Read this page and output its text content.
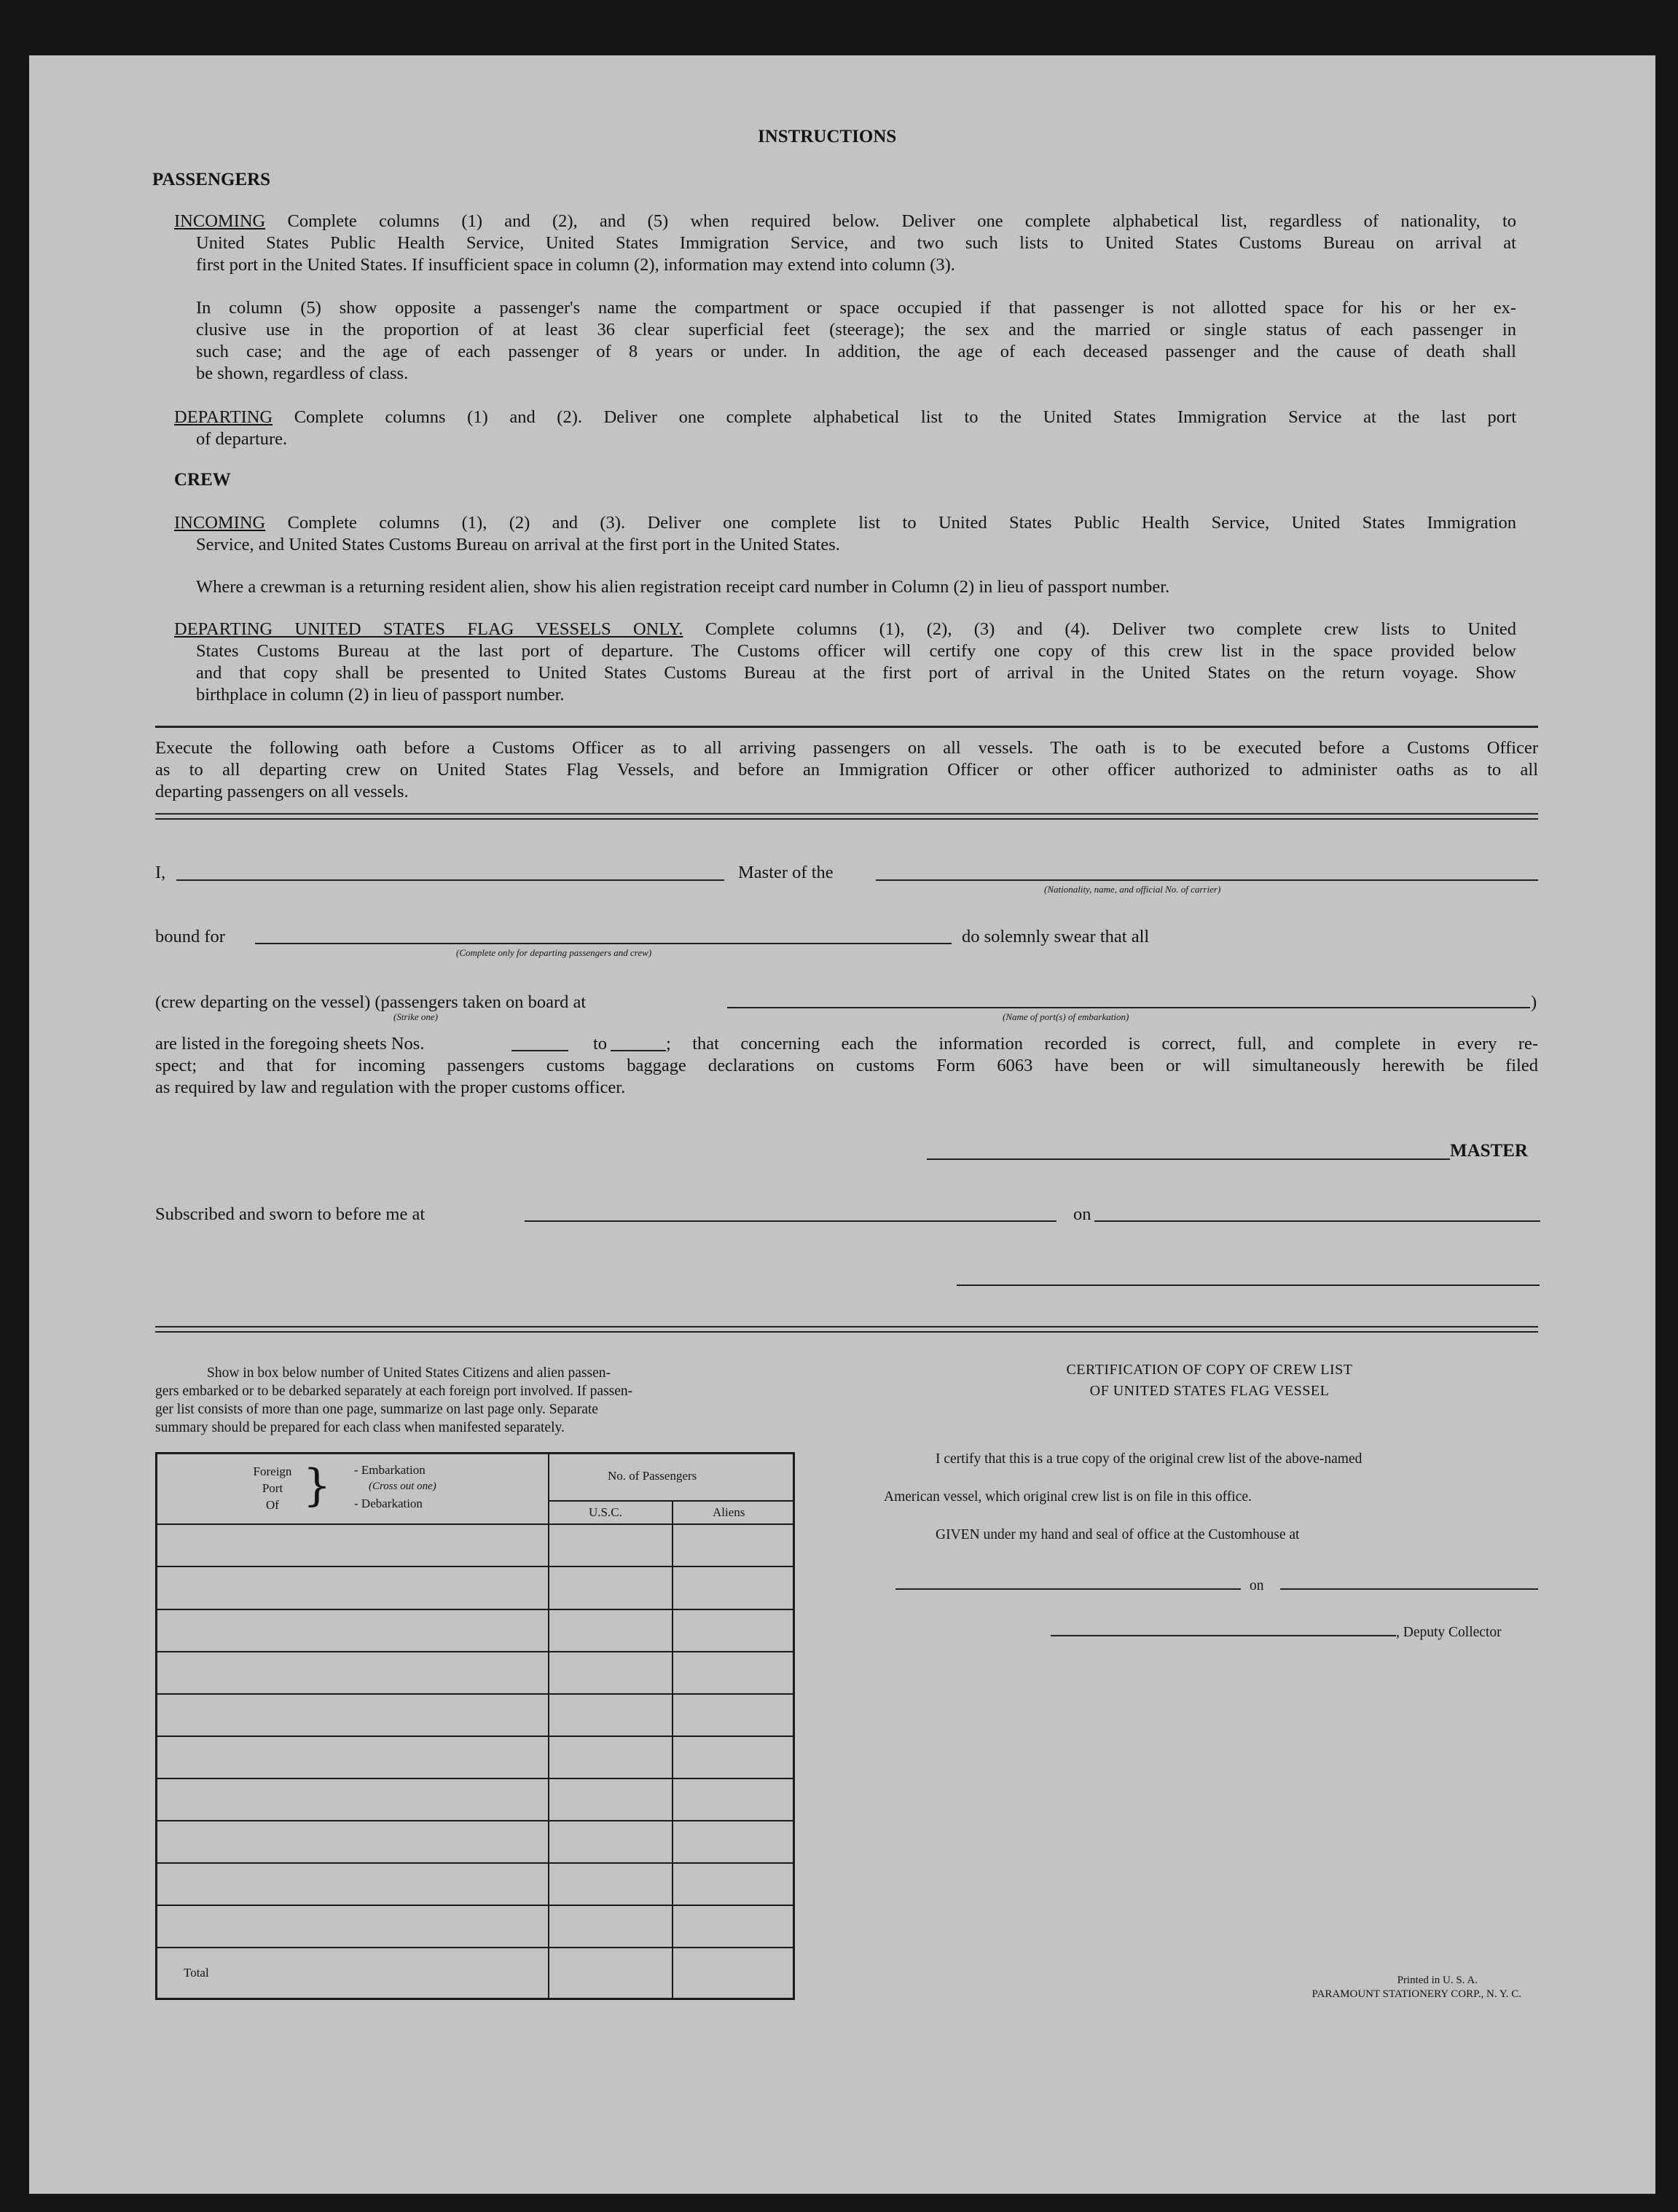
INSTRUCTIONS
PASSENGERS
INCOMING Complete columns (1) and (2), and (5) when required below. Deliver one complete alphabetical list, regardless of nationality, to
United States Public Health Service, United States Immigration Service, and two such lists to United States Customs Bureau on arrival at
first port in the United States. If insufficient space in column (2), information may extend into column (3).
In column (5) show opposite a passenger's name the compartment or space occupied if that passenger is not allotted space for his or her ex-
clusive use in the proportion of at least 36 clear superficial feet (steerage); the sex and the married or single status of each passenger in
such case; and the age of each passenger of 8 years or under. In addition, the age of each deceased passenger and the cause of death shall
be shown, regardless of class.
DEPARTING Complete columns (1) and (2). Deliver one complete alphabetical list to the United States Immigration Service at the last port
of departure.
CREW
INCOMING Complete columns (1), (2) and (3). Deliver one complete list to United States Public Health Service, United States Immigration
Service, and United States Customs Bureau on arrival at the first port in the United States.
Where a crewman is a returning resident alien, show his alien registration receipt card number in Column (2) in lieu of passport number.
DEPARTING UNITED STATES FLAG VESSELS ONLY. Complete columns (1), (2), (3) and (4). Deliver two complete crew lists to United
States Customs Bureau at the last port of departure. The Customs officer will certify one copy of this crew list in the space provided below
and that copy shall be presented to United States Customs Bureau at the first port of arrival in the United States on the return voyage. Show
birthplace in column (2) in lieu of passport number.
Execute the following oath before a Customs Officer as to all arriving passengers on all vessels. The oath is to be executed before a Customs Officer
as to all departing crew on United States Flag Vessels, and before an Immigration Officer or other officer authorized to administer oaths as to all
departing passengers on all vessels.
I,	Master of the
(Nationality, name, and official No. of carrier)
bound for
(Complete only for departing passengers and crew)
do solemnly swear that all
(crew departing on the vessel) (passengers taken on board at
(Strike one)	(Name of port(s) of embarkation)
)
are listed in the foregoing sheets Nos.	to	; that concerning each the information recorded is correct, full, and complete in every re-
spect; and that for incoming passengers customs baggage declarations on customs Form 6063 have been or will simultaneously herewith be filed
as required by law and regulation with the proper customs officer.
MASTER
Subscribed and sworn to before me at	on
Show in box below number of United States Citizens and alien passen-
gers embarked or to be debarked separately at each foreign port involved. If passen-
ger list consists of more than one page, summarize on last page only. Separate
summary should be prepared for each class when manifested separately.
Foreign
Port
Of } - Embarkation
(Cross out one)
- Debarkation
No. of Passengers
U.S.C.	Aliens
Total
CERTIFICATION OF COPY OF CREW LIST
OF UNITED STATES FLAG VESSEL
I certify that this is a true copy of the original crew list of the above-named
American vessel, which original crew list is on file in this office.
GIVEN under my hand and seal of office at the Customhouse at
on
, Deputy Collector
Printed in U. S. A.
PARAMOUNT STATIONERY CORP., N. Y. C.
